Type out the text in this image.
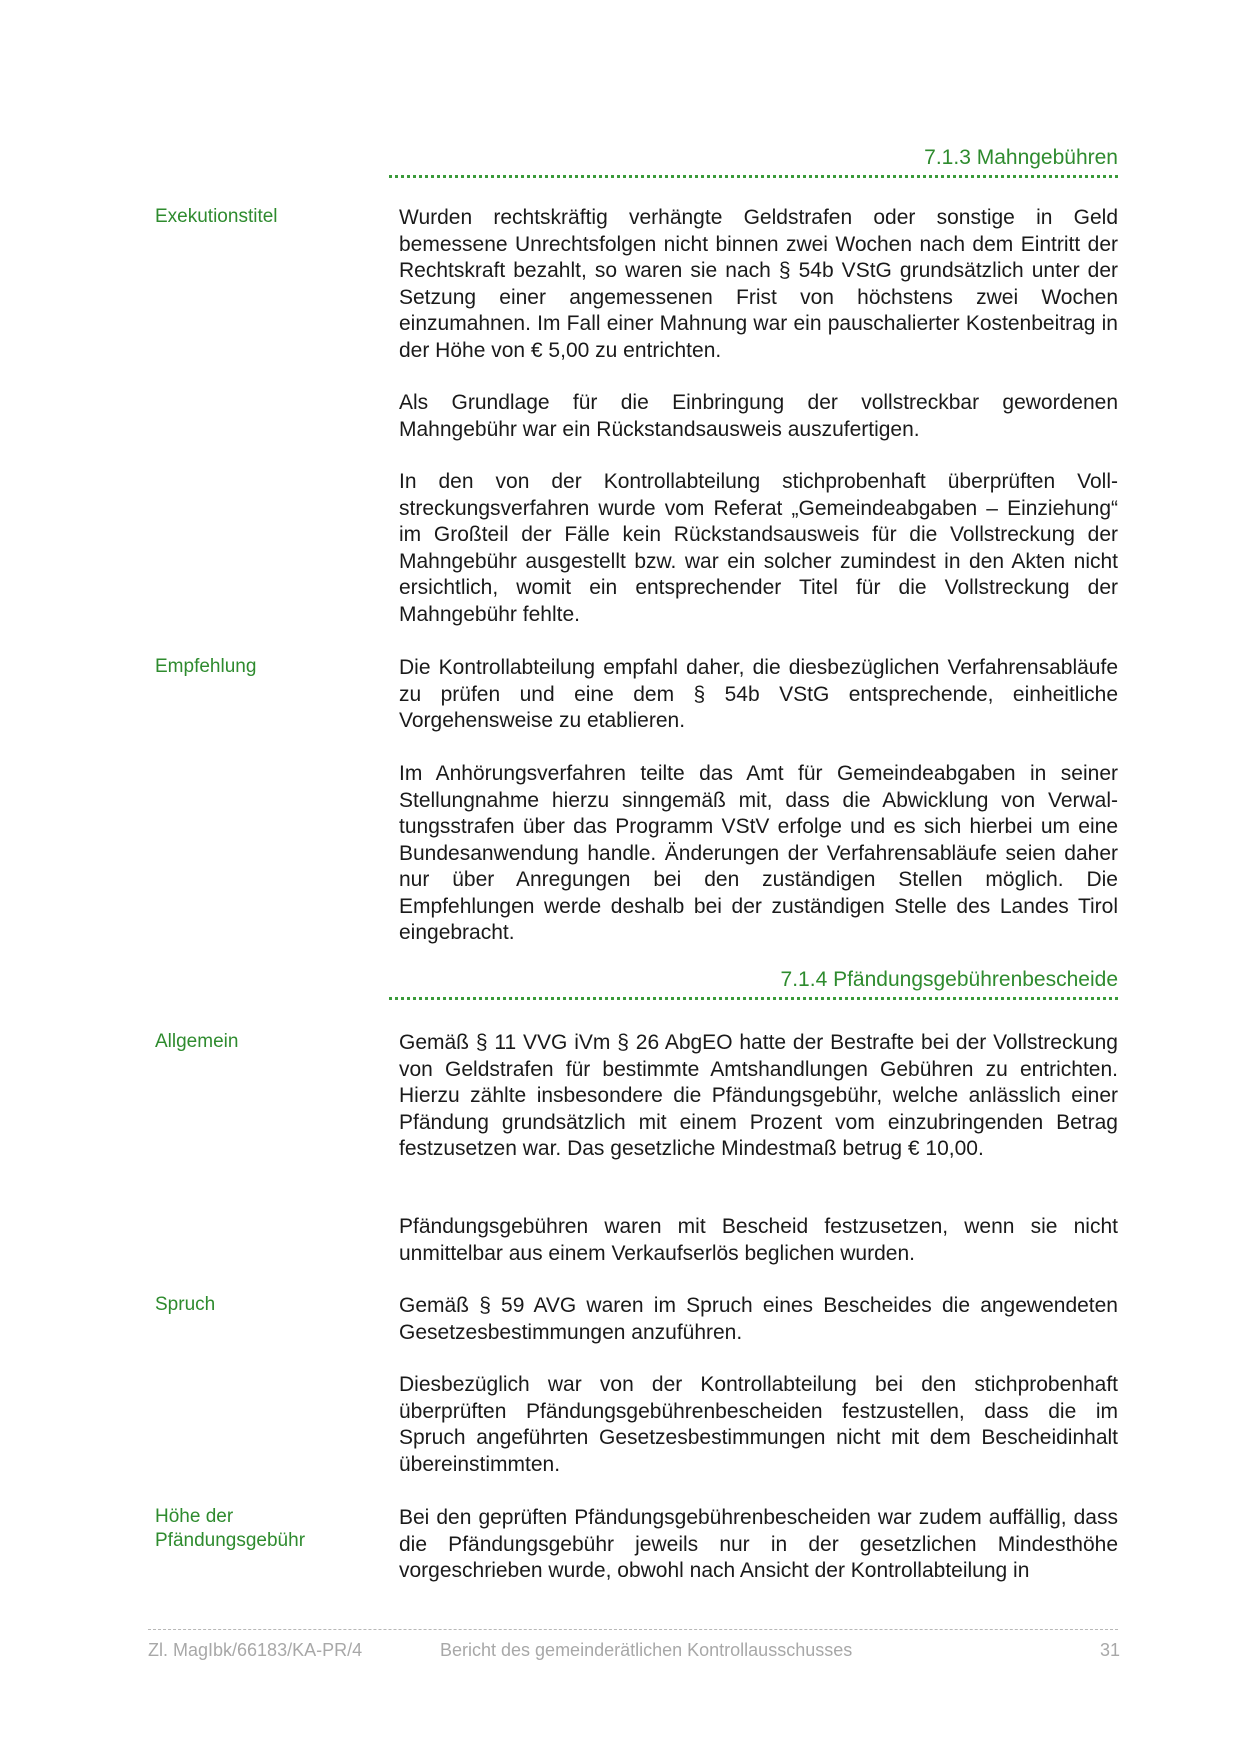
7.1.3 Mahngebühren
Exekutionstitel
Empfehlung
Allgemein
Spruch
Höhe der
Pfändungsgebühr

Wurden rechtskräftig verhängte Geldstrafen oder sonstige in Geld bemessene Unrechtsfolgen nicht binnen zwei Wochen nach dem Eintritt der Rechtskraft bezahlt, so waren sie nach § 54b VStG grundsätzlich unter der Setzung einer angemessenen Frist von höchstens zwei Wochen einzumahnen. Im Fall einer Mahnung war ein pauschalierter Kostenbeitrag in der Höhe von € 5,00 zu entrichten.

Als Grundlage für die Einbringung der vollstreckbar gewordenen Mahngebühr war ein Rückstandsausweis auszufertigen.

In den von der Kontrollabteilung stichprobenhaft überprüften Vollstreckungsverfahren wurde vom Referat „Gemeindeabgaben – Einziehung“ im Großteil der Fälle kein Rückstandsausweis für die Vollstreckung der Mahngebühr ausgestellt bzw. war ein solcher zumindest in den Akten nicht ersichtlich, womit ein entsprechender Titel für die Vollstreckung der Mahngebühr fehlte.

Die Kontrollabteilung empfahl daher, die diesbezüglichen Verfahrensabläufe zu prüfen und eine dem § 54b VStG entsprechende, einheitliche Vorgehensweise zu etablieren.

Im Anhörungsverfahren teilte das Amt für Gemeindeabgaben in seiner Stellungnahme hierzu sinngemäß mit, dass die Abwicklung von Verwaltungsstrafen über das Programm VStV erfolge und es sich hierbei um eine Bundesanwendung handle. Änderungen der Verfahrensabläufe seien daher nur über Anregungen bei den zuständigen Stellen möglich. Die Empfehlungen werde deshalb bei der zuständigen Stelle des Landes Tirol eingebracht.

7.1.4 Pfändungsgebührenbescheide

Gemäß § 11 VVG iVm § 26 AbgEO hatte der Bestrafte bei der Vollstreckung von Geldstrafen für bestimmte Amtshandlungen Gebühren zu entrichten. Hierzu zählte insbesondere die Pfändungsgebühr, welche anlässlich einer Pfändung grundsätzlich mit einem Prozent vom einzubringenden Betrag festzusetzen war. Das gesetzliche Mindestmaß betrug € 10,00.

Pfändungsgebühren waren mit Bescheid festzusetzen, wenn sie nicht unmittelbar aus einem Verkaufserlös beglichen wurden.

Gemäß § 59 AVG waren im Spruch eines Bescheides die angewendeten Gesetzesbestimmungen anzuführen.

Diesbezüglich war von der Kontrollabteilung bei den stichprobenhaft überprüften Pfändungsgebührenbescheiden festzustellen, dass die im Spruch angeführten Gesetzesbestimmungen nicht mit dem Bescheidinhalt übereinstimmten.

Bei den geprüften Pfändungsgebührenbescheiden war zudem auffällig, dass die Pfändungsgebühr jeweils nur in der gesetzlichen Mindesthöhe vorgeschrieben wurde, obwohl nach Ansicht der Kontrollabteilung in

Zl. MagIbk/66183/KA-PR/4	Bericht des gemeinderätlichen Kontrollausschusses	31
